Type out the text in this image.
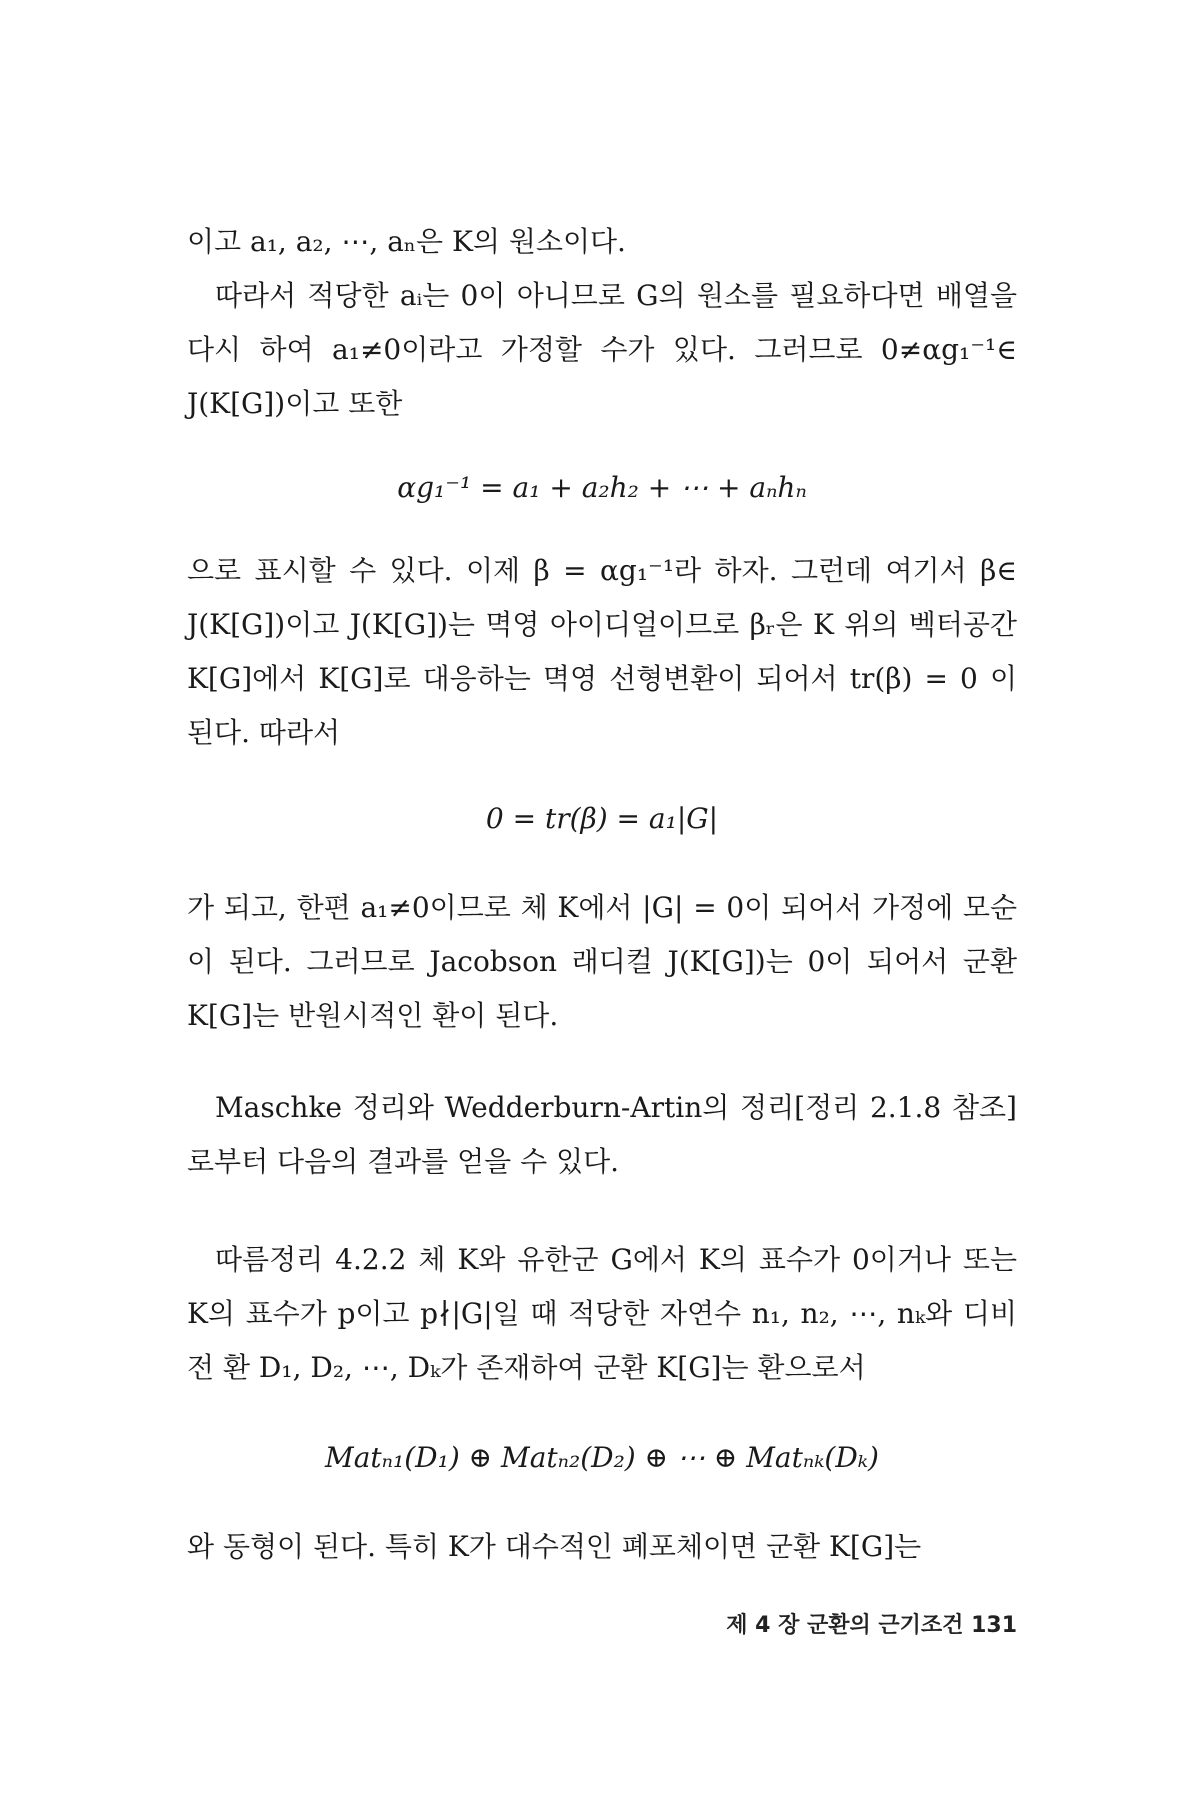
이고 a₁, a₂, ⋯, aₙ은 K의 원소이다.

따라서 적당한 aᵢ는 0이 아니므로 G의 원소를 필요하다면 배열을 다시 하여 a₁≠0이라고 가정할 수가 있다. 그러므로 0≠αg₁⁻¹∈ J(K[G])이고 또한

αg₁⁻¹ = a₁ + a₂h₂ + ⋯ + aₙhₙ

으로 표시할 수 있다. 이제 β = αg₁⁻¹라 하자. 그런데 여기서 β∈ J(K[G])이고 J(K[G])는 멱영 아이디얼이므로 βᵣ은 K 위의 벡터공간 K[G]에서 K[G]로 대응하는 멱영 선형변환이 되어서 tr(β) = 0 이 된다. 따라서

0 = tr(β) = a₁|G|

가 되고, 한편 a₁≠0이므로 체 K에서 |G| = 0이 되어서 가정에 모순이 된다. 그러므로 Jacobson 래디컬 J(K[G])는 0이 되어서 군환 K[G]는 반원시적인 환이 된다.

Maschke 정리와 Wedderburn-Artin의 정리[정리 2.1.8 참조]로부터 다음의 결과를 얻을 수 있다.

따름정리 4.2.2 체 K와 유한군 G에서 K의 표수가 0이거나 또는 K의 표수가 p이고 p∤|G|일 때 적당한 자연수 n₁, n₂, ⋯, nₖ와 디비전 환 D₁, D₂, ⋯, Dₖ가 존재하여 군환 K[G]는 환으로서

Matₙ₁(D₁) ⊕ Matₙ₂(D₂) ⊕ ⋯ ⊕ Matₙₖ(Dₖ)

와 동형이 된다. 특히 K가 대수적인 폐포체이면 군환 K[G]는

제 4 장 군환의 근기조건 131
